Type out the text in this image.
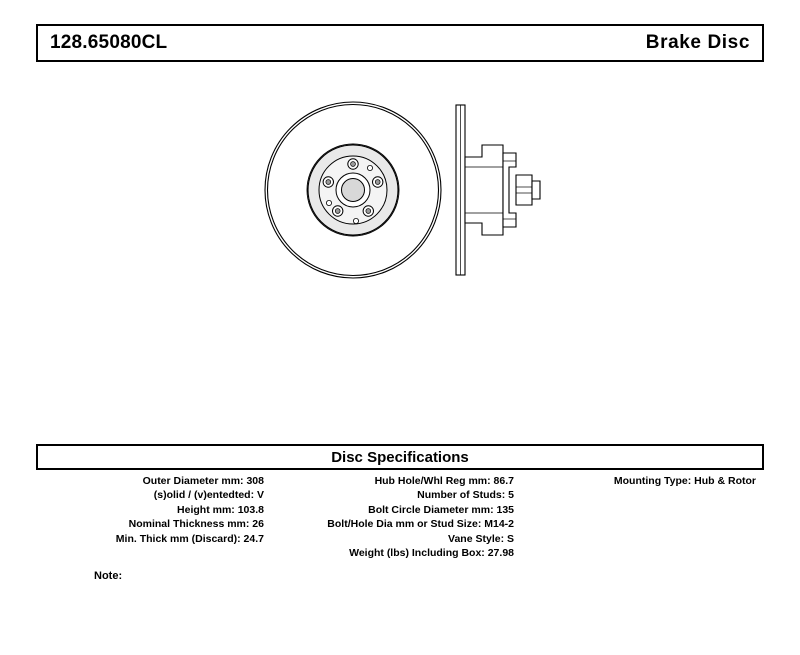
128.65080CL	Brake Disc
Disc Specifications
Outer Diameter mm: 308
(s)olid / (v)entedted: V
Height mm: 103.8
Nominal Thickness mm: 26
Min. Thick mm (Discard): 24.7
Hub Hole/Whl Reg mm: 86.7
Number of Studs: 5
Bolt Circle Diameter mm: 135
Bolt/Hole Dia mm or Stud Size: M14-2
Vane Style: S
Weight (lbs) Including Box: 27.98
Mounting Type: Hub & Rotor
Note:
